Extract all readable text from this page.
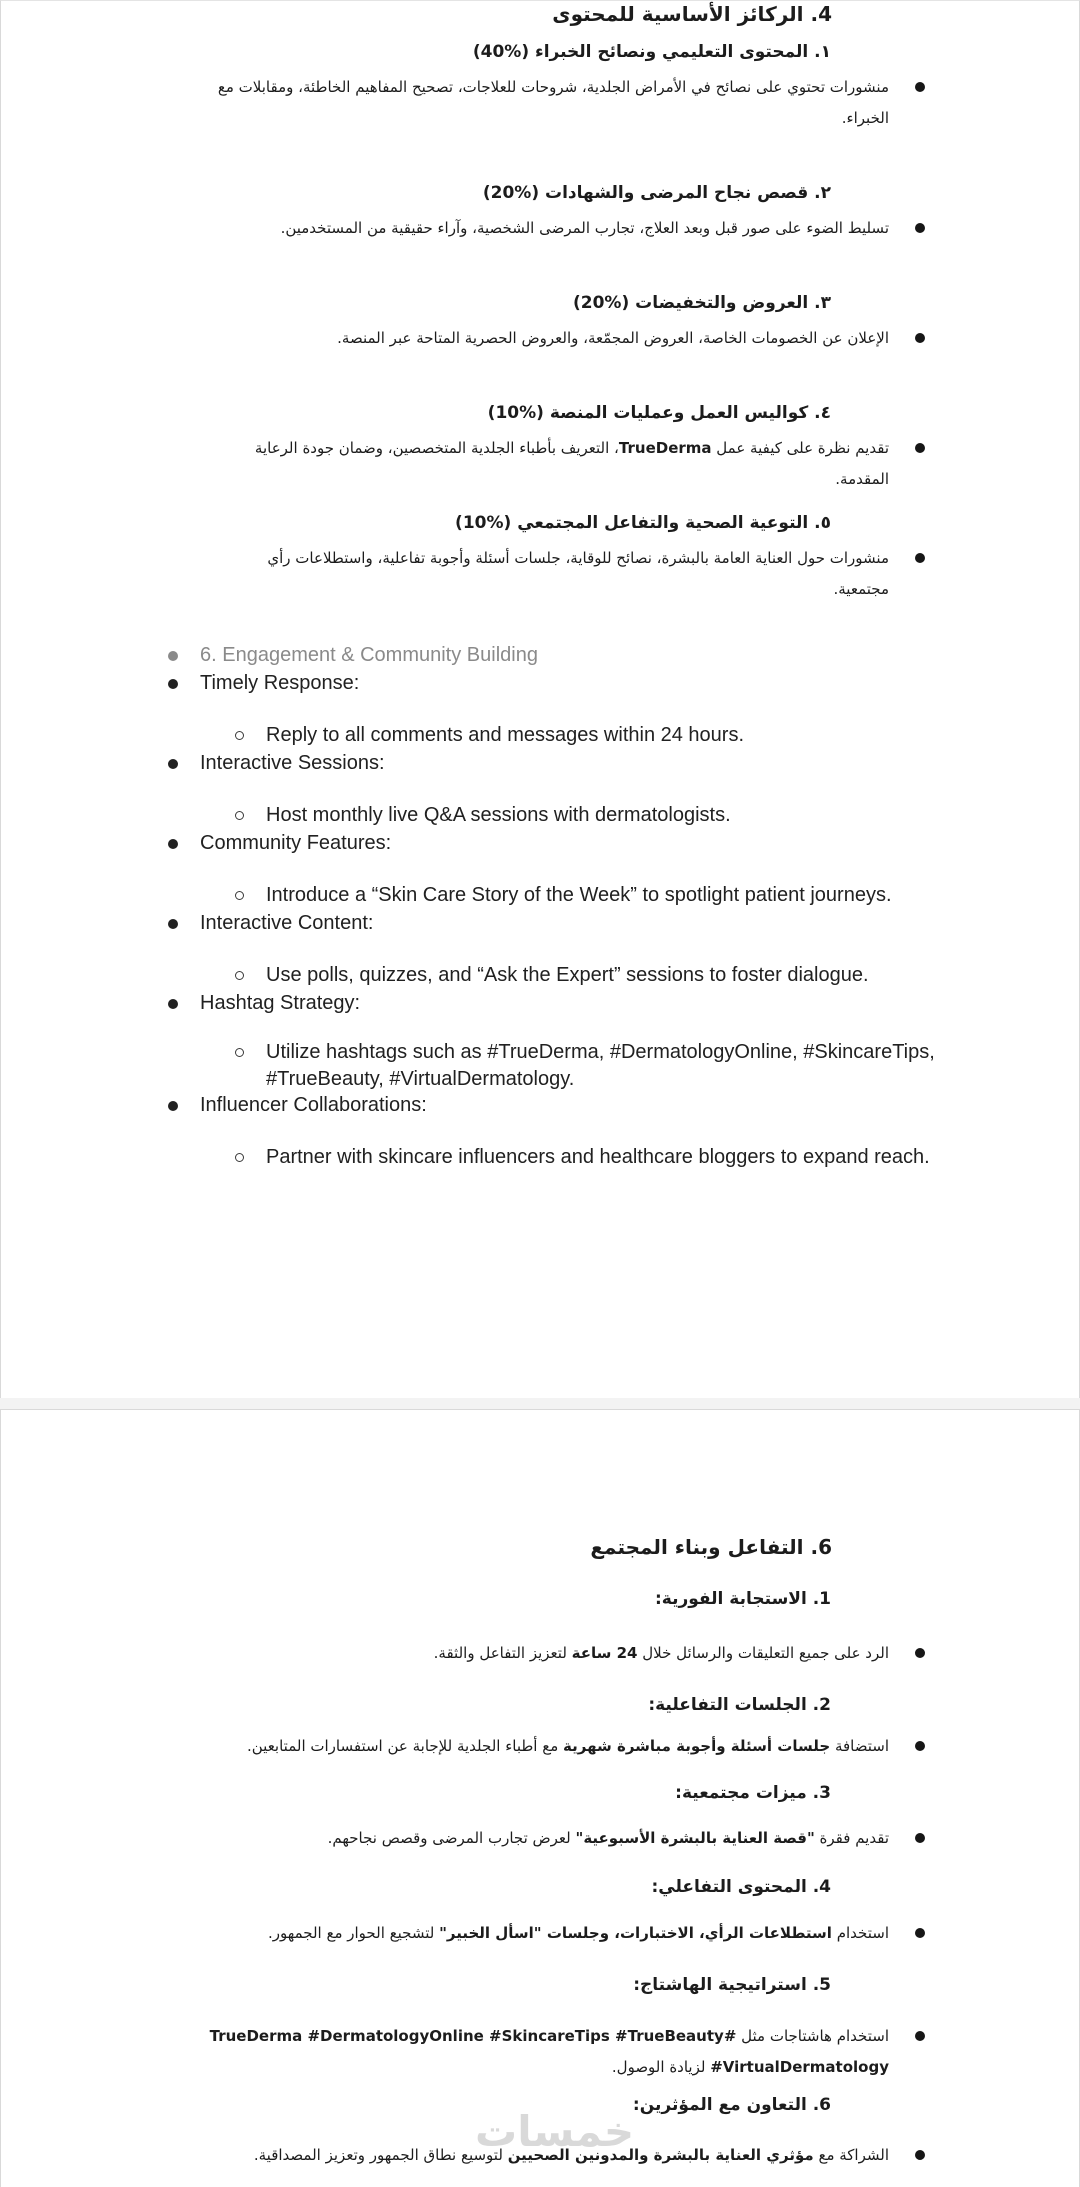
4. الركائز الأساسية للمحتوى
١. المحتوى التعليمي ونصائح الخبراء (%40)
منشورات تحتوي على نصائح في الأمراض الجلدية، شروحات للعلاجات، تصحيح المفاهيم الخاطئة، ومقابلات مع الخبراء.
٢. قصص نجاح المرضى والشهادات (%20)
تسليط الضوء على صور قبل وبعد العلاج، تجارب المرضى الشخصية، وآراء حقيقية من المستخدمين.
٣. العروض والتخفيضات (%20)
الإعلان عن الخصومات الخاصة، العروض المجمّعة، والعروض الحصرية المتاحة عبر المنصة.
٤. كواليس العمل وعمليات المنصة (%10)
تقديم نظرة على كيفية عمل TrueDerma، التعريف بأطباء الجلدية المتخصصين، وضمان جودة الرعاية المقدمة.
٥. التوعية الصحية والتفاعل المجتمعي (%10)
منشورات حول العناية العامة بالبشرة، نصائح للوقاية، جلسات أسئلة وأجوبة تفاعلية، واستطلاعات رأي مجتمعية.
6. Engagement & Community Building
Timely Response:
Reply to all comments and messages within 24 hours.
Interactive Sessions:
Host monthly live Q&A sessions with dermatologists.
Community Features:
Introduce a “Skin Care Story of the Week” to spotlight patient journeys.
Interactive Content:
Use polls, quizzes, and “Ask the Expert” sessions to foster dialogue.
Hashtag Strategy:
Utilize hashtags such as #TrueDerma, #DermatologyOnline, #SkincareTips, #TrueBeauty, #VirtualDermatology.
Influencer Collaborations:
Partner with skincare influencers and healthcare bloggers to expand reach.
خمسات
6. التفاعل وبناء المجتمع
1. الاستجابة الفورية:
الرد على جميع التعليقات والرسائل خلال 24 ساعة لتعزيز التفاعل والثقة.
2. الجلسات التفاعلية:
استضافة جلسات أسئلة وأجوبة مباشرة شهرية مع أطباء الجلدية للإجابة عن استفسارات المتابعين.
3. ميزات مجتمعية:
تقديم فقرة "قصة العناية بالبشرة الأسبوعية" لعرض تجارب المرضى وقصص نجاحهم.
4. المحتوى التفاعلي:
استخدام استطلاعات الرأي، الاختبارات، وجلسات "اسأل الخبير" لتشجيع الحوار مع الجمهور.
5. استراتيجية الهاشتاج:
استخدام هاشتاجات مثل #TrueDerma #DermatologyOnline #SkincareTips #TrueBeauty #VirtualDermatology لزيادة الوصول.
6. التعاون مع المؤثرين:
الشراكة مع مؤثري العناية بالبشرة والمدونين الصحيين لتوسيع نطاق الجمهور وتعزيز المصداقية.
